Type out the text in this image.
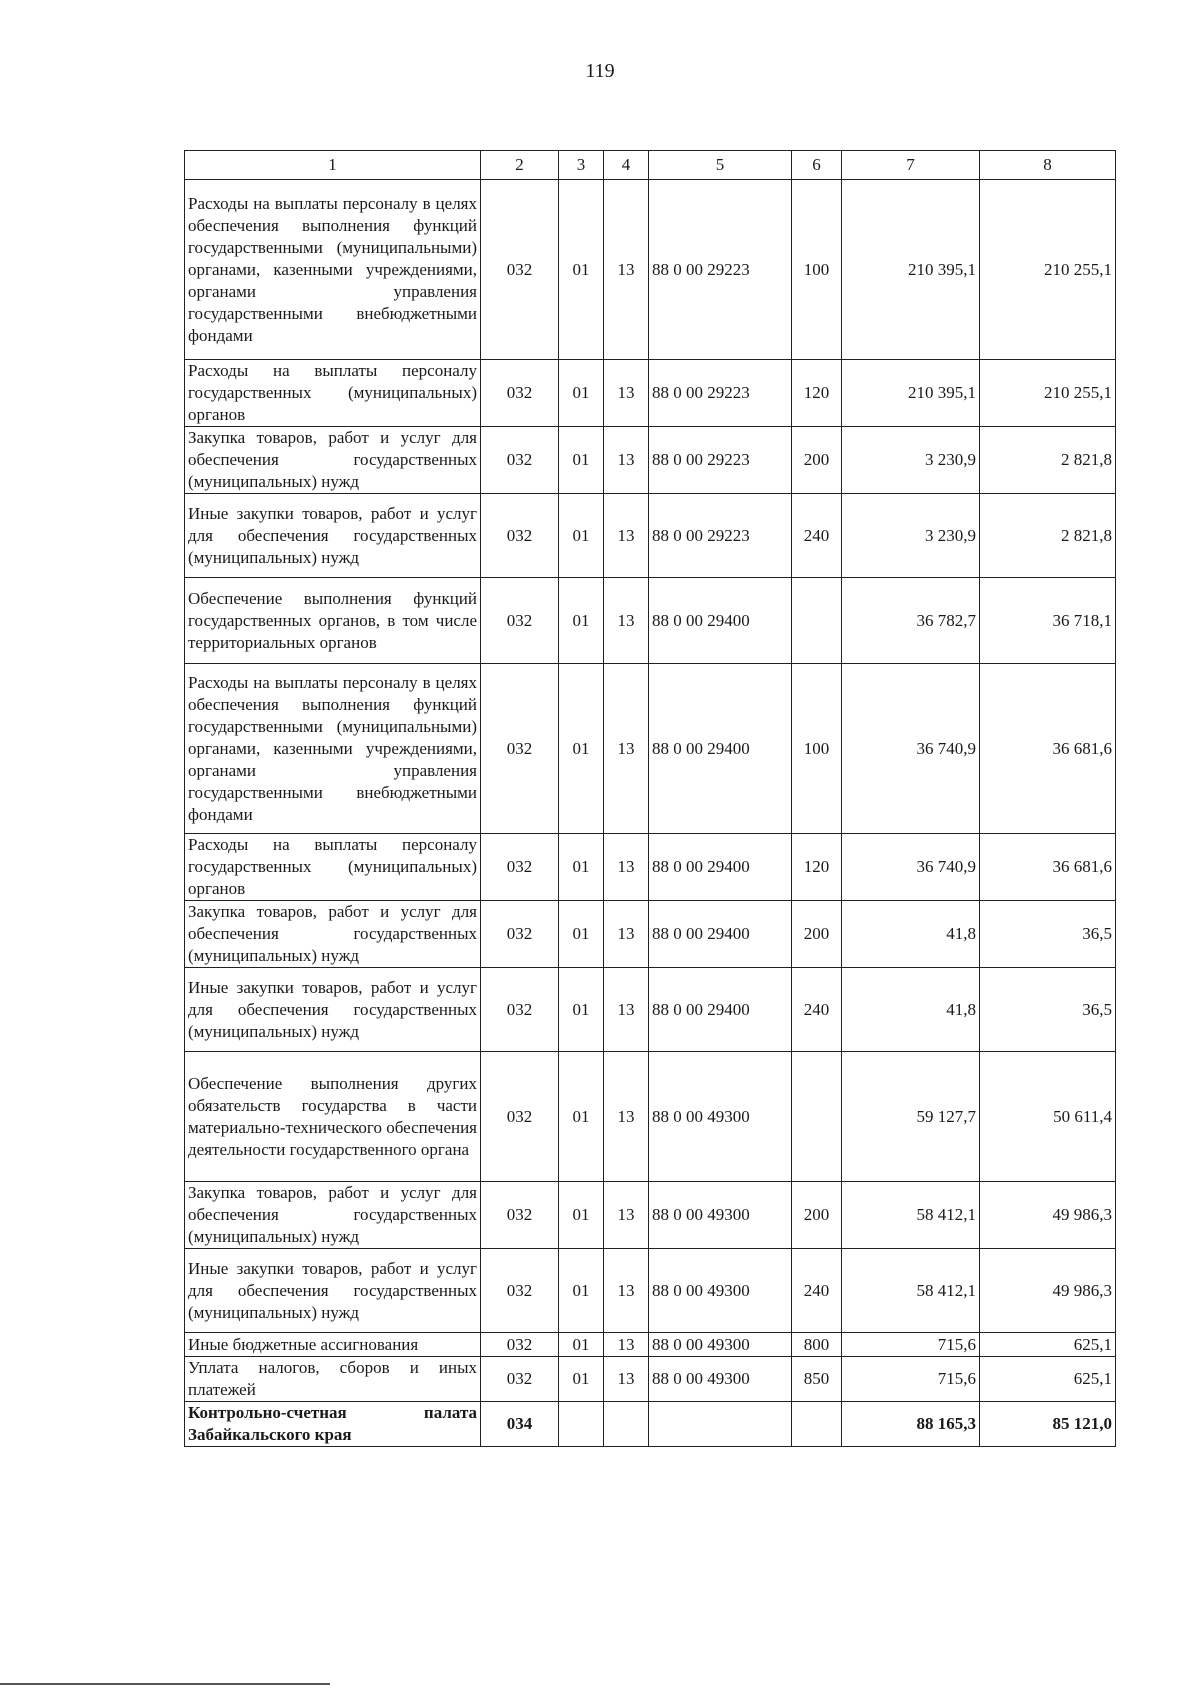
119
1	2	3	4	5	6	7	8
Расходы на выплаты персоналу в целях обеспечения выполнения функций государственными (муниципальными) органами, казенными учреждениями, органами управления государственными внебюджетными фондами	032	01	13	88 0 00 29223	100	210 395,1	210 255,1
Расходы на выплаты персоналу государственных (муниципальных) органов	032	01	13	88 0 00 29223	120	210 395,1	210 255,1
Закупка товаров, работ и услуг для обеспечения государственных (муниципальных) нужд	032	01	13	88 0 00 29223	200	3 230,9	2 821,8
Иные закупки товаров, работ и услуг для обеспечения государственных (муниципальных) нужд	032	01	13	88 0 00 29223	240	3 230,9	2 821,8
Обеспечение выполнения функций государственных органов, в том числе территориальных органов	032	01	13	88 0 00 29400		36 782,7	36 718,1
Расходы на выплаты персоналу в целях обеспечения выполнения функций государственными (муниципальными) органами, казенными учреждениями, органами управления государственными внебюджетными фондами	032	01	13	88 0 00 29400	100	36 740,9	36 681,6
Расходы на выплаты персоналу государственных (муниципальных) органов	032	01	13	88 0 00 29400	120	36 740,9	36 681,6
Закупка товаров, работ и услуг для обеспечения государственных (муниципальных) нужд	032	01	13	88 0 00 29400	200	41,8	36,5
Иные закупки товаров, работ и услуг для обеспечения государственных (муниципальных) нужд	032	01	13	88 0 00 29400	240	41,8	36,5
Обеспечение выполнения других обязательств государства в части материально-технического обеспечения деятельности государственного органа	032	01	13	88 0 00 49300		59 127,7	50 611,4
Закупка товаров, работ и услуг для обеспечения государственных (муниципальных) нужд	032	01	13	88 0 00 49300	200	58 412,1	49 986,3
Иные закупки товаров, работ и услуг для обеспечения государственных (муниципальных) нужд	032	01	13	88 0 00 49300	240	58 412,1	49 986,3
Иные бюджетные ассигнования	032	01	13	88 0 00 49300	800	715,6	625,1
Уплата налогов, сборов и иных платежей	032	01	13	88 0 00 49300	850	715,6	625,1
Контрольно-счетная палата Забайкальского края	034					88 165,3	85 121,0
